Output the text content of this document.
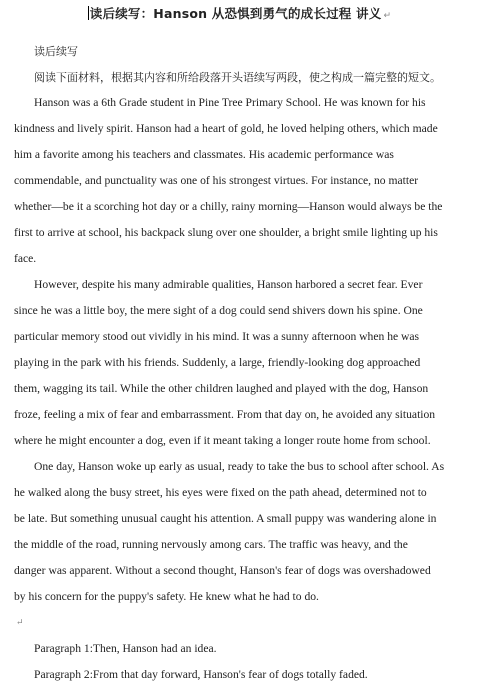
读后续写：Hanson 从恐惧到勇气的成长过程 讲义 ↵
读后续写
阅读下面材料，根据其内容和所给段落开头语续写两段，使之构成一篇完整的短文。
Hanson was a 6th Grade student in Pine Tree Primary School. He was known for his
kindness and lively spirit. Hanson had a heart of gold, he loved helping others, which made
him a favorite among his teachers and classmates. His academic performance was
commendable, and punctuality was one of his strongest virtues. For instance, no matter
whether—be it a scorching hot day or a chilly, rainy morning—Hanson would always be the
first to arrive at school, his backpack slung over one shoulder, a bright smile lighting up his
face.
However, despite his many admirable qualities, Hanson harbored a secret fear. Ever
since he was a little boy, the mere sight of a dog could send shivers down his spine. One
particular memory stood out vividly in his mind. It was a sunny afternoon when he was
playing in the park with his friends. Suddenly, a large, friendly-looking dog approached
them, wagging its tail. While the other children laughed and played with the dog, Hanson
froze, feeling a mix of fear and embarrassment. From that day on, he avoided any situation
where he might encounter a dog, even if it meant taking a longer route home from school.
One day, Hanson woke up early as usual, ready to take the bus to school after school. As
he walked along the busy street, his eyes were fixed on the path ahead, determined not to
be late. But something unusual caught his attention. A small puppy was wandering alone in
the middle of the road, running nervously among cars. The traffic was heavy, and the
danger was apparent. Without a second thought, Hanson's fear of dogs was overshadowed
by his concern for the puppy's safety. He knew what he had to do.
↵
Paragraph 1:Then, Hanson had an idea.
Paragraph 2:From that day forward, Hanson's fear of dogs totally faded.
